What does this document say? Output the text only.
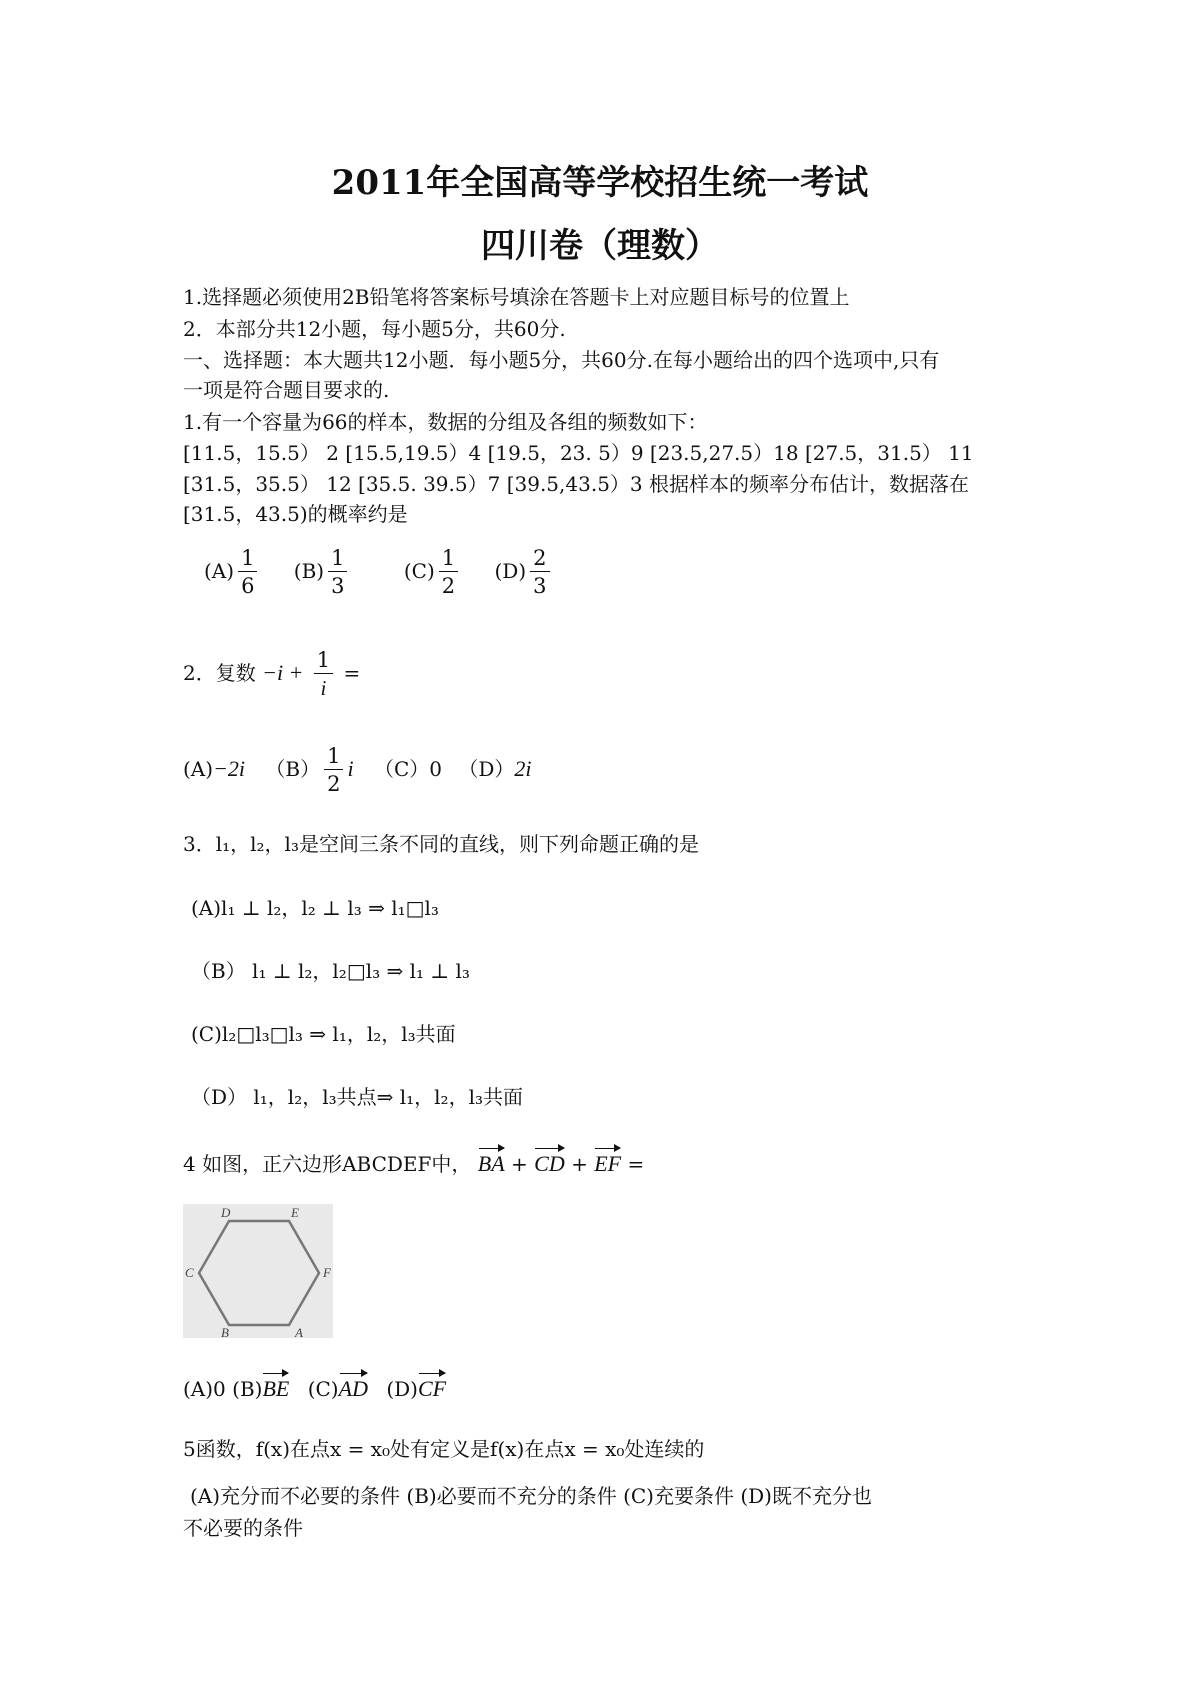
2011年全国高等学校招生统一考试
四川卷（理数）
1.选择题必须使用2B铅笔将答案标号填涂在答题卡上对应题目标号的位置上
2．本部分共12小题，每小题5分，共60分.
一、选择题：本大题共12小题．每小题5分，共60分.在每小题给出的四个选项中,只有
一项是符合题目要求的.
1.有一个容量为66的样本，数据的分组及各组的频数如下：
[11.5，15.5） 2 [15.5,19.5）4 [19.5，23. 5）9 [23.5,27.5）18 [27.5，31.5） 11
[31.5，35.5） 12 [35.5. 39.5）7 [39.5,43.5）3 根据样本的频率分布估计，数据落在
[31.5，43.5)的概率约是
$(A) \frac{1}{6} (B) \frac{1}{3}$	$(C) \frac{1}{2} (D) \frac{2}{3}$
2．复数 $-i + \frac{1}{i}$ =
(A)−2i $(B) \frac{1}{2}$ i （C）0 （D）2i
3．l₁，l₂，l₃是空间三条不同的直线，则下列命题正确的是
(A)l₁ ⊥ l₂，l₂ ⊥ l₃ ⇒ l₁□l₃
（B） l₁ ⊥ l₂，l₂□l₃ ⇒ l₁ ⊥ l₃
(C)l₂□l₃□l₃ ⇒ l₁，l₂，l₃共面
（D） l₁，l₂，l₃共点⇒ l₁，l₂，l₃共面
4 如图，正六边形ABCDEF中， BA + CD + EF =
A
B
C
D	E
F
(A)0 (B)BE (C)AD (D)CF
5函数，f(x)在点x = x₀处有定义是f(x)在点x = x₀处连续的
(A)充分而不必要的条件 (B)必要而不充分的条件 (C)充要条件 (D)既不充分也
不必要的条件
